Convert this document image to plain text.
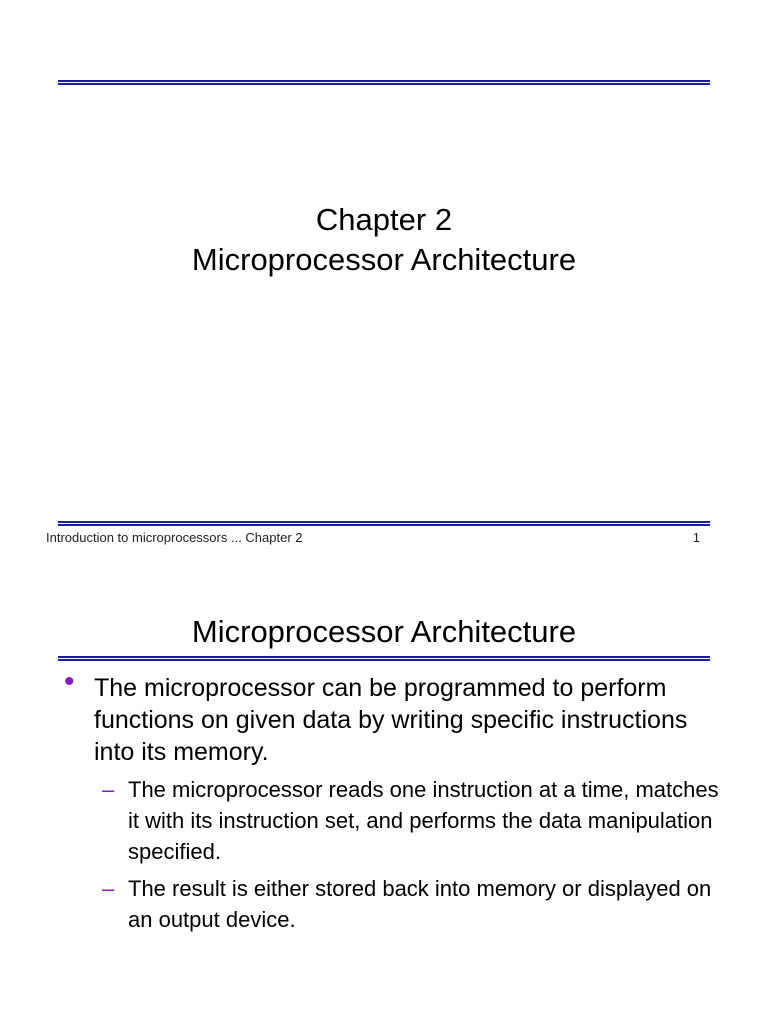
Chapter 2
Microprocessor Architecture
Introduction to microprocessors ... Chapter 2	1
Microprocessor Architecture
• The microprocessor can be programmed to perform functions on given data by writing specific instructions into its memory.
– The microprocessor reads one instruction at a time, matches it with its instruction set, and performs the data manipulation specified.
– The result is either stored back into memory or displayed on an output device.
